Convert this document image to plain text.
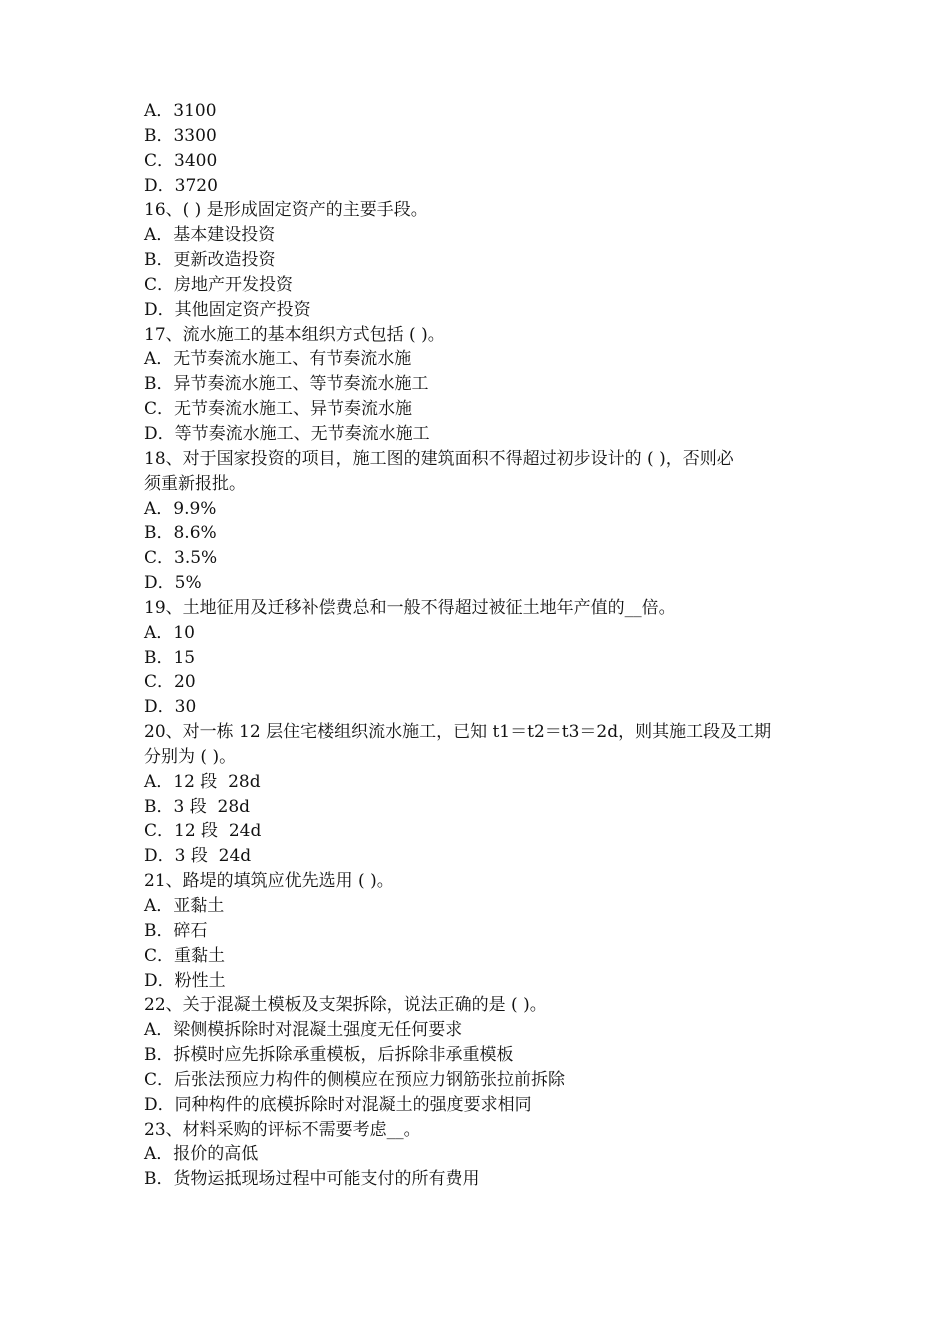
A．3100
B．3300
C．3400
D．3720
16、( ) 是形成固定资产的主要手段。
A．基本建设投资
B．更新改造投资
C．房地产开发投资
D．其他固定资产投资
17、流水施工的基本组织方式包括 ( )。
A．无节奏流水施工、有节奏流水施
B．异节奏流水施工、等节奏流水施工
C．无节奏流水施工、异节奏流水施
D．等节奏流水施工、无节奏流水施工
18、对于国家投资的项目，施工图的建筑面积不得超过初步设计的 ( )，否则必
须重新报批。
A．9.9%
B．8.6%
C．3.5%
D．5%
19、土地征用及迁移补偿费总和一般不得超过被征土地年产值的__倍。
A．10
B．15
C．20
D．30
20、对一栋 12 层住宅楼组织流水施工，已知 t1＝t2＝t3＝2d，则其施工段及工期
分别为 ( )。
A．12 段  28d
B．3 段  28d
C．12 段  24d
D．3 段  24d
21、路堤的填筑应优先选用 ( )。
A．亚黏土
B．碎石
C．重黏土
D．粉性土
22、关于混凝土模板及支架拆除，说法正确的是 ( )。
A．梁侧模拆除时对混凝土强度无任何要求
B．拆模时应先拆除承重模板，后拆除非承重模板
C．后张法预应力构件的侧模应在预应力钢筋张拉前拆除
D．同种构件的底模拆除时对混凝土的强度要求相同
23、材料采购的评标不需要考虑__。
A．报价的高低
B．货物运抵现场过程中可能支付的所有费用
